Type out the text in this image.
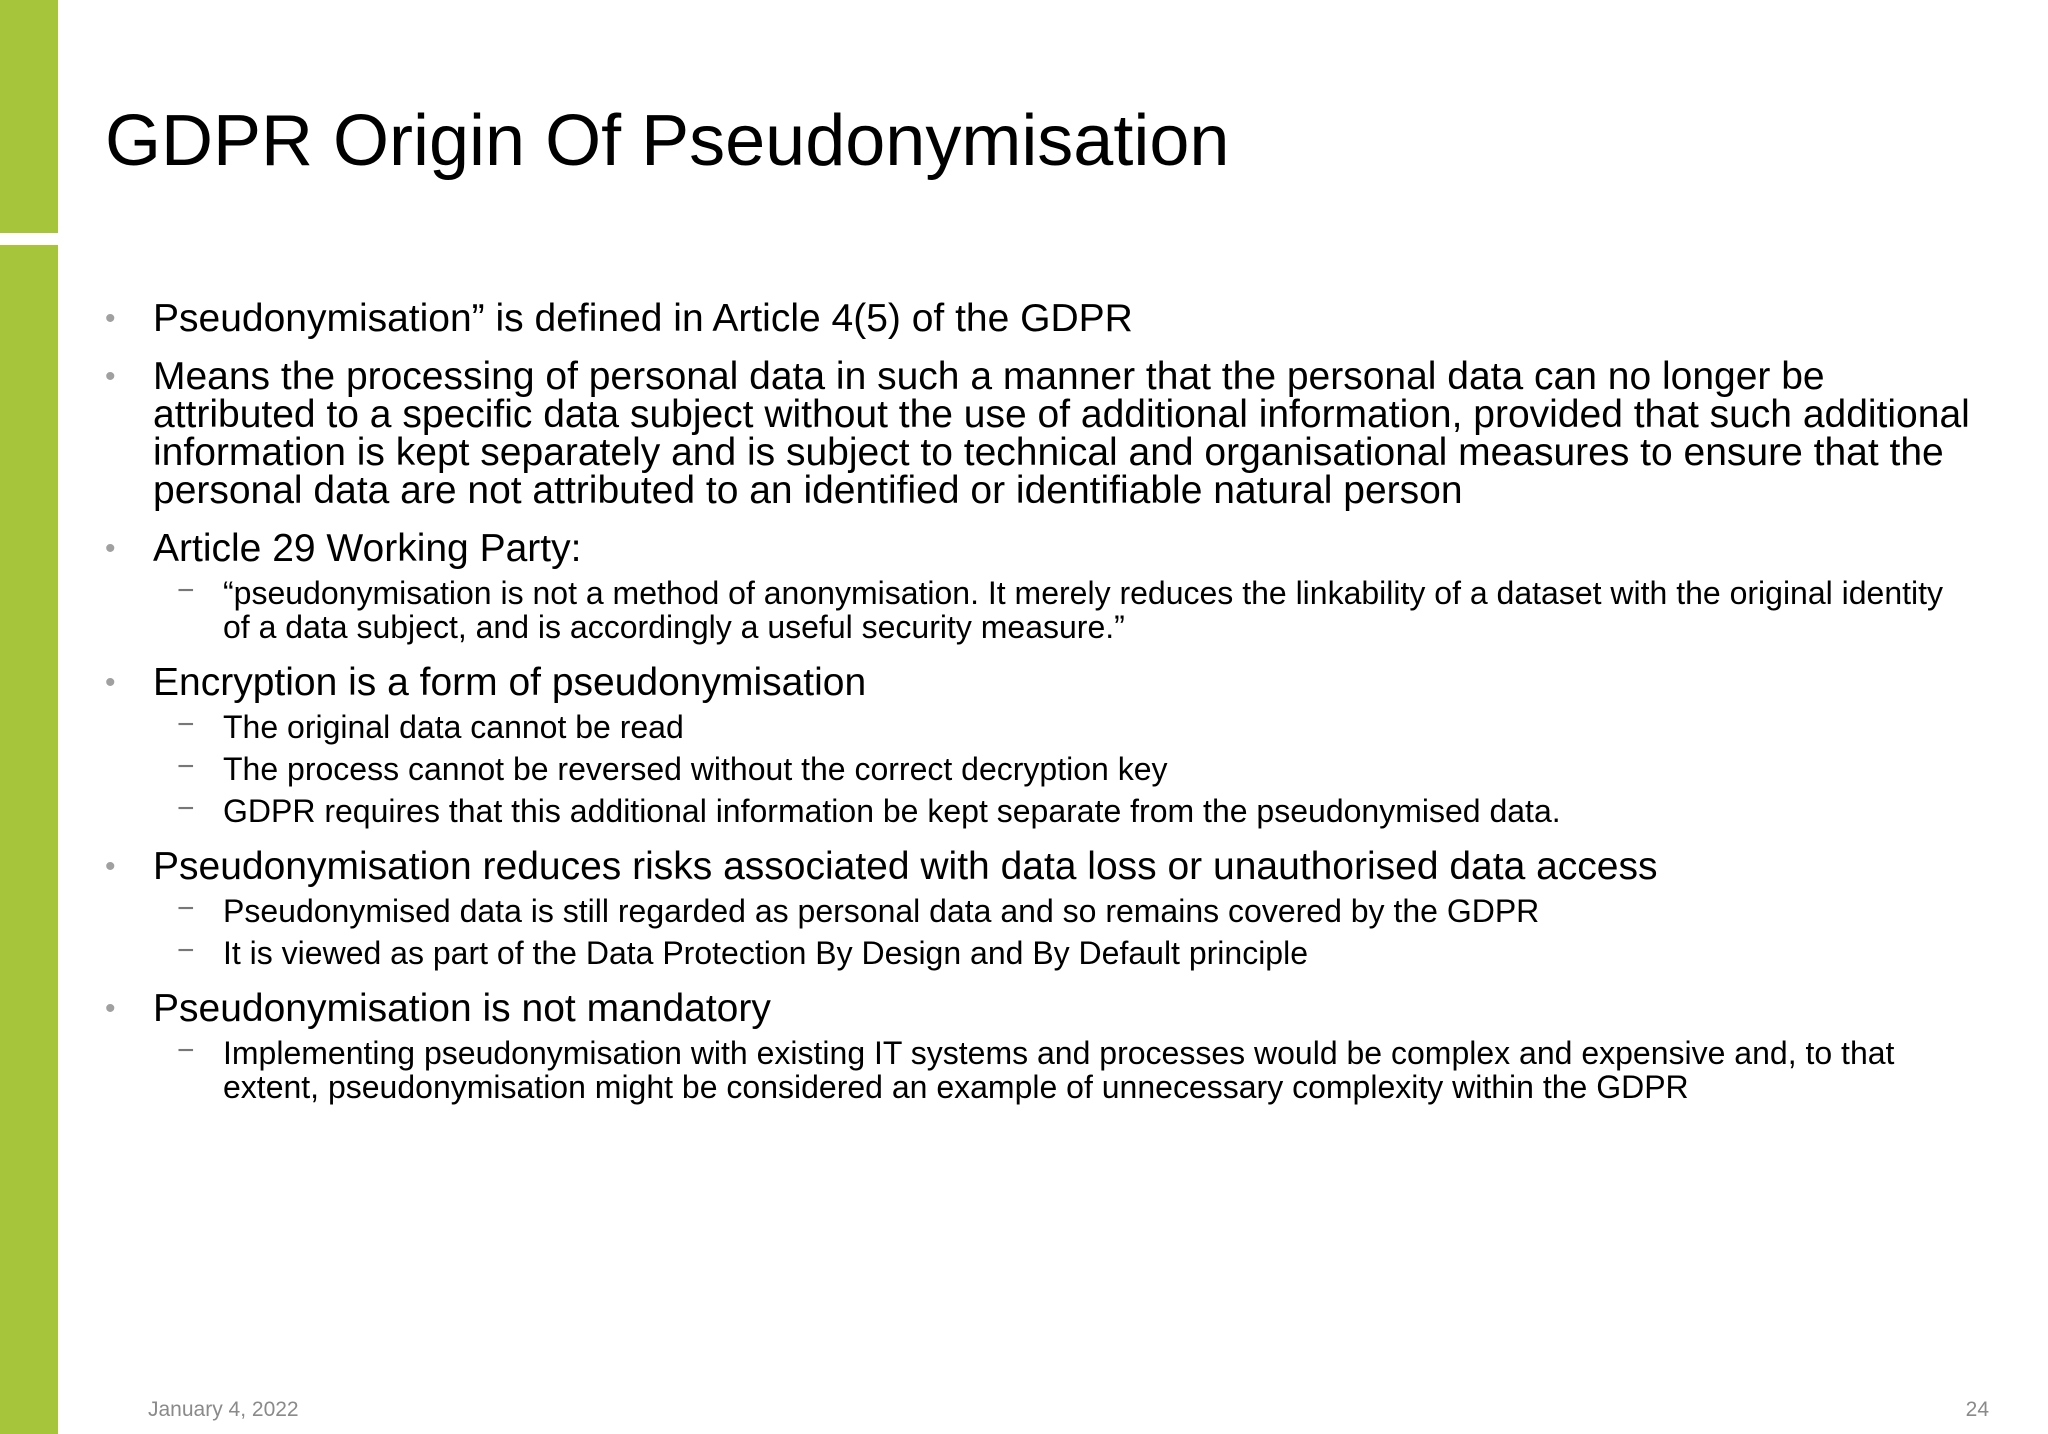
GDPR Origin Of Pseudonymisation
• Pseudonymisation” is defined in Article 4(5) of the GDPR
• Means the processing of personal data in such a manner that the personal data can no longer be attributed to a specific data subject without the use of additional information, provided that such additional information is kept separately and is subject to technical and organisational measures to ensure that the personal data are not attributed to an identified or identifiable natural person
• Article 29 Working Party:
− “pseudonymisation is not a method of anonymisation. It merely reduces the linkability of a dataset with the original identity of a data subject, and is accordingly a useful security measure.”
• Encryption is a form of pseudonymisation
− The original data cannot be read
− The process cannot be reversed without the correct decryption key
− GDPR requires that this additional information be kept separate from the pseudonymised data.
• Pseudonymisation reduces risks associated with data loss or unauthorised data access
− Pseudonymised data is still regarded as personal data and so remains covered by the GDPR
− It is viewed as part of the Data Protection By Design and By Default principle
• Pseudonymisation is not mandatory
− Implementing pseudonymisation with existing IT systems and processes would be complex and expensive and, to that extent, pseudonymisation might be considered an example of unnecessary complexity within the GDPR
January 4, 2022	24
